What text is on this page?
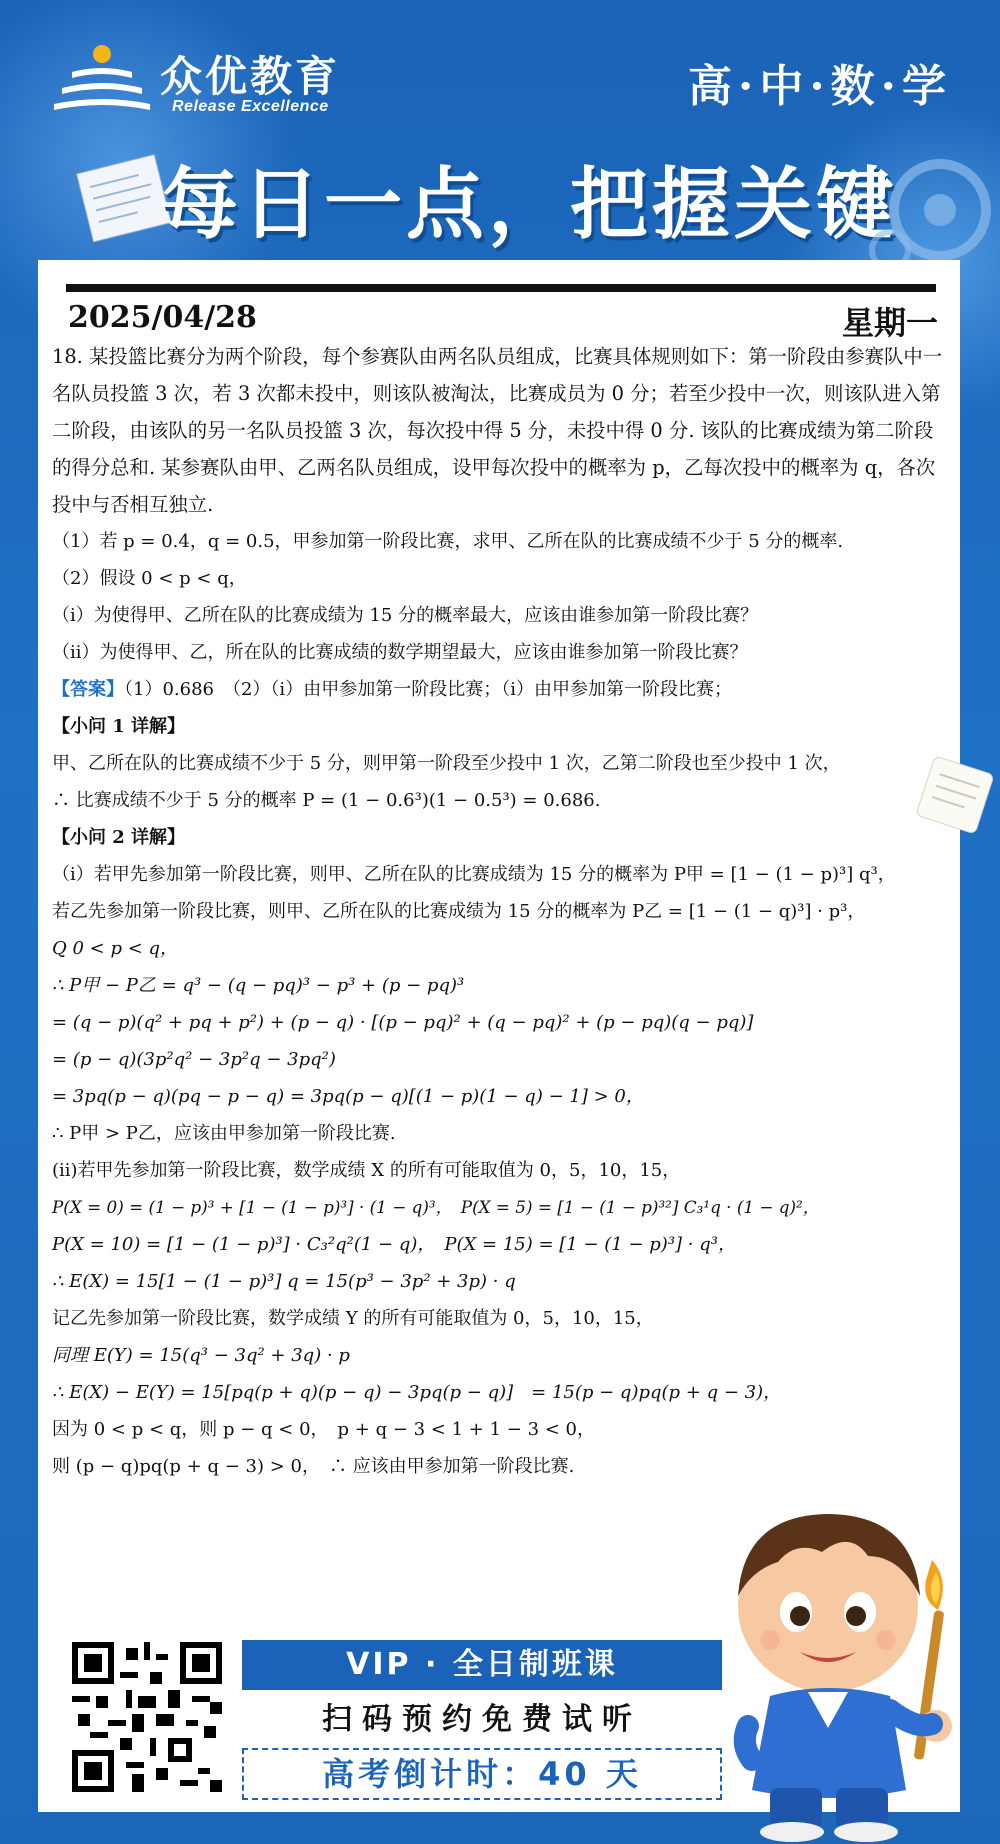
众优教育
Release Excellence	高·中·数·学
每日一点，把握关键
2025/04/28	星期一

18. 某投篮比赛分为两个阶段，每个参赛队由两名队员组成，比赛具体规则如下：第一阶段由参赛队中一名队员投篮 3 次，若 3 次都未投中，则该队被淘汰，比赛成员为 0 分；若至少投中一次，则该队进入第二阶段，由该队的另一名队员投篮 3 次，每次投中得 5 分，未投中得 0 分. 该队的比赛成绩为第二阶段的得分总和. 某参赛队由甲、乙两名队员组成，设甲每次投中的概率为 p，乙每次投中的概率为 q，各次投中与否相互独立.

（1）若 p = 0.4，q = 0.5，甲参加第一阶段比赛，求甲、乙所在队的比赛成绩不少于 5 分的概率.

（2）假设 0 < p < q，

（i）为使得甲、乙所在队的比赛成绩为 15 分的概率最大，应该由谁参加第一阶段比赛？

（ii）为使得甲、乙，所在队的比赛成绩的数学期望最大，应该由谁参加第一阶段比赛？

【答案】（1）0.686　（2）（i）由甲参加第一阶段比赛；（i）由甲参加第一阶段比赛；

【小问 1 详解】

甲、乙所在队的比赛成绩不少于 5 分，则甲第一阶段至少投中 1 次，乙第二阶段也至少投中 1 次，

∴ 比赛成绩不少于 5 分的概率 P = (1 − 0.6³)(1 − 0.5³) = 0.686.

【小问 2 详解】

（i）若甲先参加第一阶段比赛，则甲、乙所在队的比赛成绩为 15 分的概率为 P甲 = [1 − (1 − p)³] q³，

若乙先参加第一阶段比赛，则甲、乙所在队的比赛成绩为 15 分的概率为 P乙 = [1 − (1 − q)³] · p³，

Q 0 < p < q，

∴ P甲 − P乙 = q³ − (q − pq)³ − p³ + (p − pq)³

= (q − p)(q² + pq + p²) + (p − q) · [(p − pq)² + (q − pq)² + (p − pq)(q − pq)]

= (p − q)(3p²q² − 3p²q − 3pq²)

= 3pq(p − q)(pq − p − q) = 3pq(p − q)[(1 − p)(1 − q) − 1] > 0，

∴ P甲 > P乙，应该由甲参加第一阶段比赛.

(ii)若甲先参加第一阶段比赛，数学成绩 X 的所有可能取值为 0，5，10，15，

P(X = 0) = (1 − p)³ + [1 − (1 − p)³] · (1 − q)³，　P(X = 5) = [1 − (1 − p)³²] C₃¹q · (1 − q)²，

P(X = 10) = [1 − (1 − p)³] · C₃²q²(1 − q)，　P(X = 15) = [1 − (1 − p)³] · q³，

∴ E(X) = 15[1 − (1 − p)³] q = 15(p³ − 3p² + 3p) · q

记乙先参加第一阶段比赛，数学成绩 Y 的所有可能取值为 0，5，10，15，

同理 E(Y) = 15(q³ − 3q² + 3q) · p

∴ E(X) − E(Y) = 15[pq(p + q)(p − q) − 3pq(p − q)]　= 15(p − q)pq(p + q − 3)，

因为 0 < p < q，则 p − q < 0，　p + q − 3 < 1 + 1 − 3 < 0，

则 (p − q)pq(p + q − 3) > 0，　∴ 应该由甲参加第一阶段比赛.

VIP · 全日制班课
扫码预约免费试听
高考倒计时：40 天
